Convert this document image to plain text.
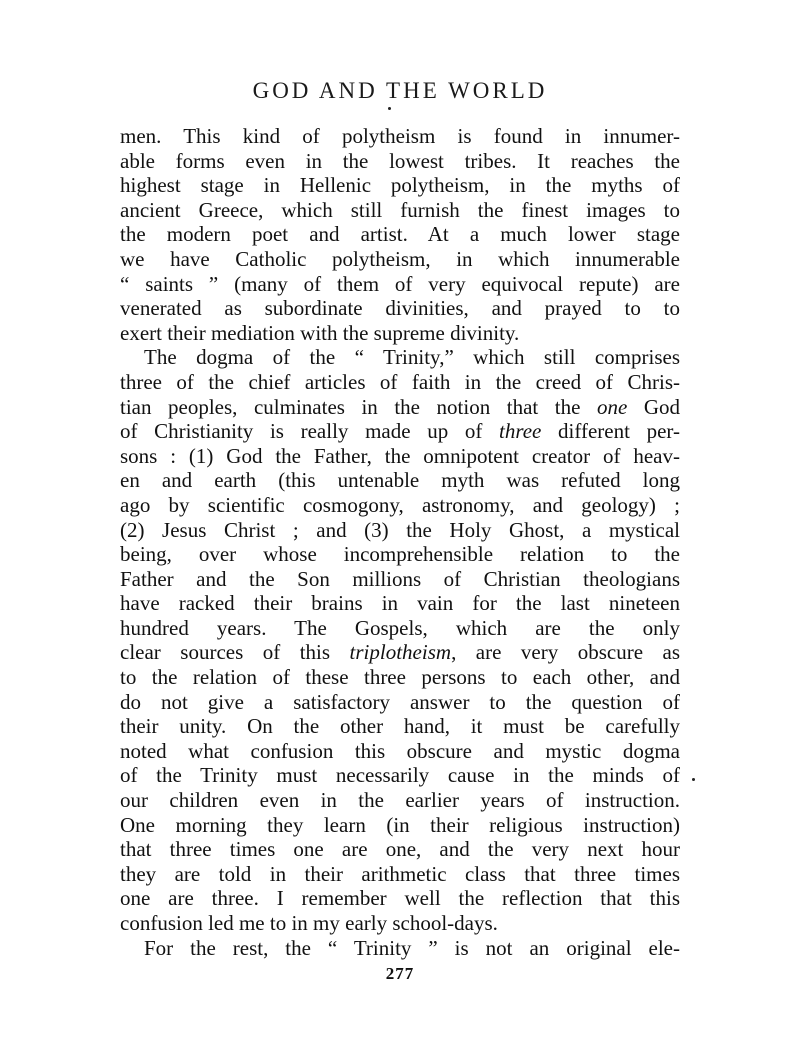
GOD AND THE WORLD
men. This kind of polytheism is found in innumer-
able forms even in the lowest tribes. It reaches the
highest stage in Hellenic polytheism, in the myths of
ancient Greece, which still furnish the finest images to
the modern poet and artist. At a much lower stage
we have Catholic polytheism, in which innumerable
“ saints ” (many of them of very equivocal repute) are
venerated as subordinate divinities, and prayed to to
exert their mediation with the supreme divinity.
The dogma of the “ Trinity,” which still comprises
three of the chief articles of faith in the creed of Chris-
tian peoples, culminates in the notion that the one God
of Christianity is really made up of three different per-
sons : (1) God the Father, the omnipotent creator of heav-
en and earth (this untenable myth was refuted long
ago by scientific cosmogony, astronomy, and geology) ;
(2) Jesus Christ ; and (3) the Holy Ghost, a mystical
being, over whose incomprehensible relation to the
Father and the Son millions of Christian theologians
have racked their brains in vain for the last nineteen
hundred years. The Gospels, which are the only
clear sources of this triplotheism, are very obscure as
to the relation of these three persons to each other, and
do not give a satisfactory answer to the question of
their unity. On the other hand, it must be carefully
noted what confusion this obscure and mystic dogma
of the Trinity must necessarily cause in the minds of
our children even in the earlier years of instruction.
One morning they learn (in their religious instruction)
that three times one are one, and the very next hour
they are told in their arithmetic class that three times
one are three. I remember well the reflection that this
confusion led me to in my early school-days.
For the rest, the “ Trinity ” is not an original ele-
277
